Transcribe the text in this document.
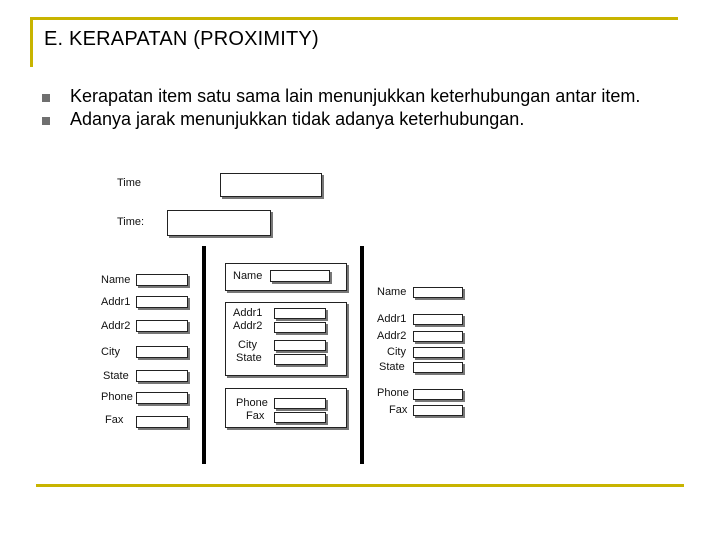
E. KERAPATAN (PROXIMITY)
Kerapatan item satu sama lain menunjukkan keterhubungan antar item.
Adanya jarak menunjukkan tidak adanya keterhubungan.
Time
Time:
Name
Addr1
Addr2
City
State
Phone
Fax
Name
Addr1
Addr2
City
State
Phone
Fax
Name
Addr1
Addr2
City
State
Phone
Fax
